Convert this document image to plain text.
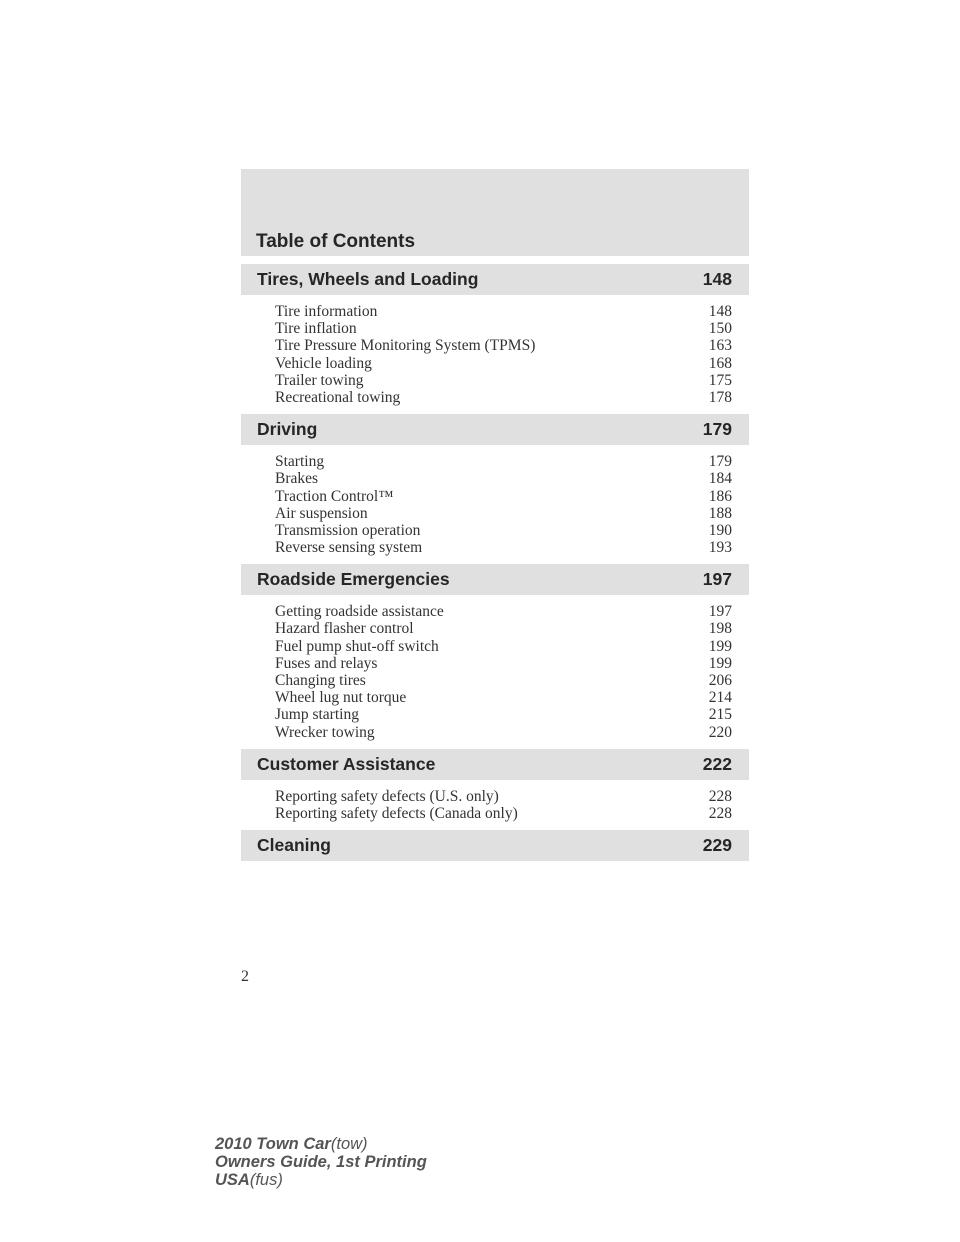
Table of Contents
Tires, Wheels and Loading	148
Tire information	148
Tire inflation	150
Tire Pressure Monitoring System (TPMS)	163
Vehicle loading	168
Trailer towing	175
Recreational towing	178
Driving	179
Starting	179
Brakes	184
Traction Control™	186
Air suspension	188
Transmission operation	190
Reverse sensing system	193
Roadside Emergencies	197
Getting roadside assistance	197
Hazard flasher control	198
Fuel pump shut-off switch	199
Fuses and relays	199
Changing tires	206
Wheel lug nut torque	214
Jump starting	215
Wrecker towing	220
Customer Assistance	222
Reporting safety defects (U.S. only)	228
Reporting safety defects (Canada only)	228
Cleaning	229
2
2010 Town Car(tow)
Owners Guide, 1st Printing
USA(fus)
